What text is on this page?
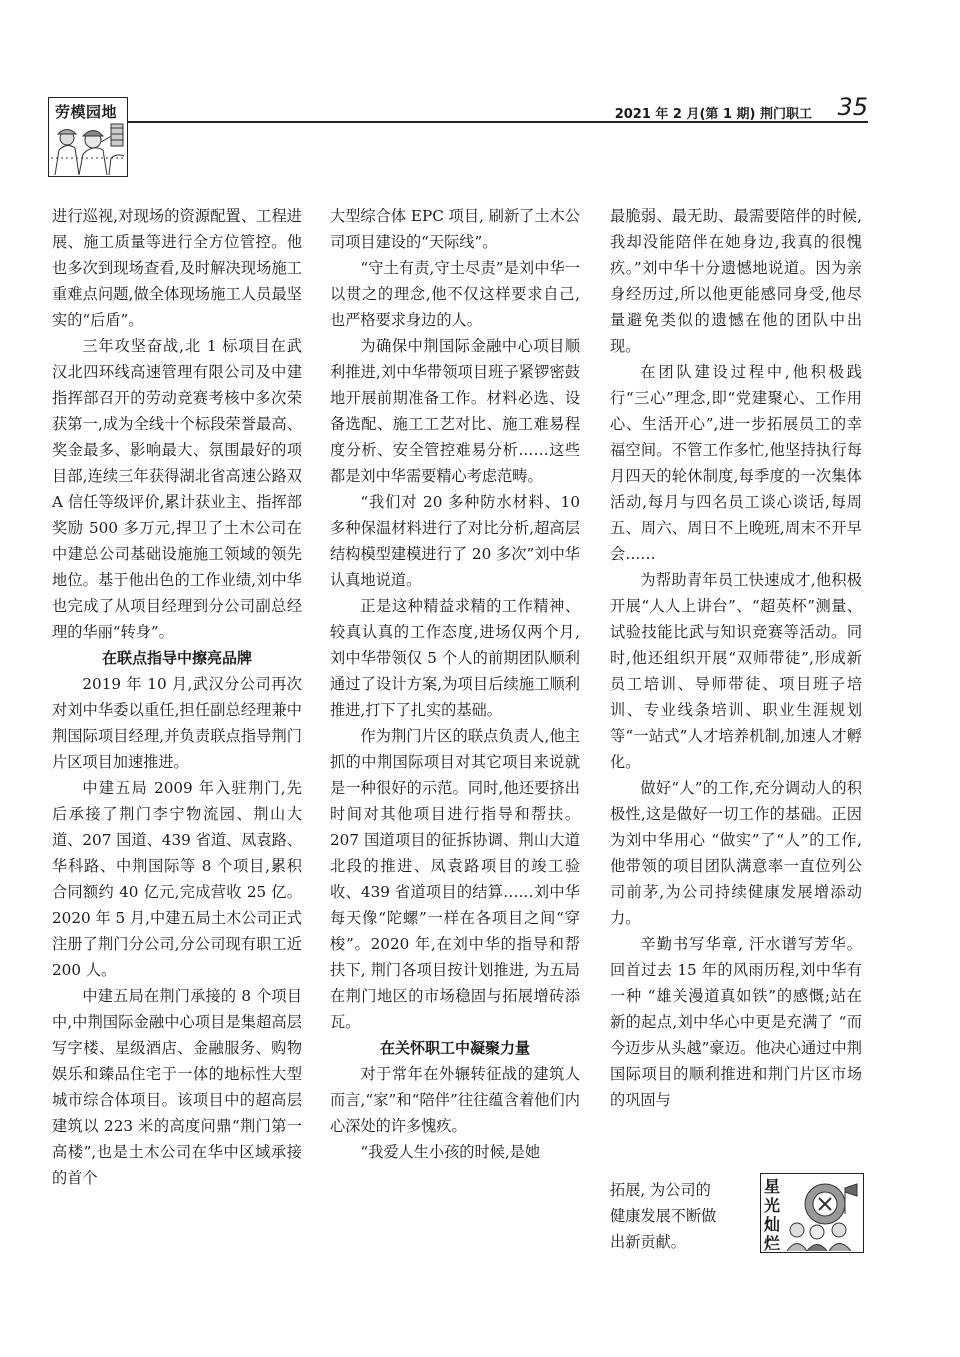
劳模园地	2021 年 2 月(第 1 期) 荆门职工 35

进行巡视,对现场的资源配置、工程进展、施工质量等进行全方位管控。他也多次到现场查看,及时解决现场施工重难点问题,做全体现场施工人员最坚实的“后盾”。

三年攻坚奋战,北 1 标项目在武汉北四环线高速管理有限公司及中建指挥部召开的劳动竞赛考核中多次荣获第一,成为全线十个标段荣誉最高、奖金最多、影响最大、氛围最好的项目部,连续三年获得湖北省高速公路双 A 信任等级评价,累计获业主、指挥部奖励 500 多万元,捍卫了土木公司在中建总公司基础设施施工领域的领先地位。基于他出色的工作业绩,刘中华也完成了从项目经理到分公司副总经理的华丽“转身”。

在联点指导中擦亮品牌

2019 年 10 月,武汉分公司再次对刘中华委以重任,担任副总经理兼中荆国际项目经理,并负责联点指导荆门片区项目加速推进。

中建五局 2009 年入驻荆门,先后承接了荆门李宁物流园、荆山大道、207 国道、439 省道、凤袁路、华科路、中荆国际等 8 个项目,累积合同额约 40 亿元,完成营收 25 亿。2020 年 5 月,中建五局土木公司正式注册了荆门分公司,分公司现有职工近 200 人。

中建五局在荆门承接的 8 个项目中,中荆国际金融中心项目是集超高层写字楼、星级酒店、金融服务、购物娱乐和臻品住宅于一体的地标性大型城市综合体项目。该项目中的超高层建筑以 223 米的高度问鼎“荆门第一高楼”,也是土木公司在华中区域承接的首个

大型综合体 EPC 项目, 刷新了土木公司项目建设的“天际线”。

“守土有责,守土尽责”是刘中华一以贯之的理念,他不仅这样要求自己,也严格要求身边的人。

为确保中荆国际金融中心项目顺利推进,刘中华带领项目班子紧锣密鼓地开展前期准备工作。材料必选、设备选配、施工工艺对比、施工难易程度分析、安全管控难易分析……这些都是刘中华需要精心考虑范畴。

“我们对 20 多种防水材料、10 多种保温材料进行了对比分析,超高层结构模型建模进行了 20 多次”刘中华认真地说道。

正是这种精益求精的工作精神、较真认真的工作态度,进场仅两个月,刘中华带领仅 5 个人的前期团队顺利通过了设计方案,为项目后续施工顺利推进,打下了扎实的基础。

作为荆门片区的联点负责人,他主抓的中荆国际项目对其它项目来说就是一种很好的示范。同时,他还要挤出时间对其他项目进行指导和帮扶。207 国道项目的征拆协调、荆山大道北段的推进、凤袁路项目的竣工验收、439 省道项目的结算……刘中华每天像“陀螺”一样在各项目之间“穿梭”。2020 年,在刘中华的指导和帮扶下, 荆门各项目按计划推进, 为五局在荆门地区的市场稳固与拓展增砖添瓦。

在关怀职工中凝聚力量

对于常年在外辗转征战的建筑人而言,“家”和“陪伴”往往蕴含着他们内心深处的许多愧疚。

“我爱人生小孩的时候,是她

最脆弱、最无助、最需要陪伴的时候,我却没能陪伴在她身边,我真的很愧疚。”刘中华十分遗憾地说道。因为亲身经历过,所以他更能感同身受,他尽量避免类似的遗憾在他的团队中出现。

在团队建设过程中,他积极践行“三心”理念,即“党建聚心、工作用心、生活开心”,进一步拓展员工的幸福空间。不管工作多忙,他坚持执行每月四天的轮休制度,每季度的一次集体活动,每月与四名员工谈心谈话,每周五、周六、周日不上晚班,周末不开早会……

为帮助青年员工快速成才,他积极开展“人人上讲台”、“超英杯”测量、试验技能比武与知识竞赛等活动。同时,他还组织开展“双师带徒”,形成新员工培训、导师带徒、项目班子培训、专业线条培训、职业生涯规划等“一站式”人才培养机制,加速人才孵化。

做好“人”的工作,充分调动人的积极性,这是做好一切工作的基础。正因为刘中华用心 “做实”了“人”的工作,他带领的项目团队满意率一直位列公司前茅,为公司持续健康发展增添动力。

辛勤书写华章, 汗水谱写芳华。回首过去 15 年的风雨历程,刘中华有一种 “雄关漫道真如铁”的感慨;站在新的起点,刘中华心中更是充满了 “而今迈步从头越”豪迈。他决心通过中荆国际项目的顺利推进和荆门片区市场的巩固与

拓展, 为公司的

健康发展不断做

出新贡献。

星光灿烂
